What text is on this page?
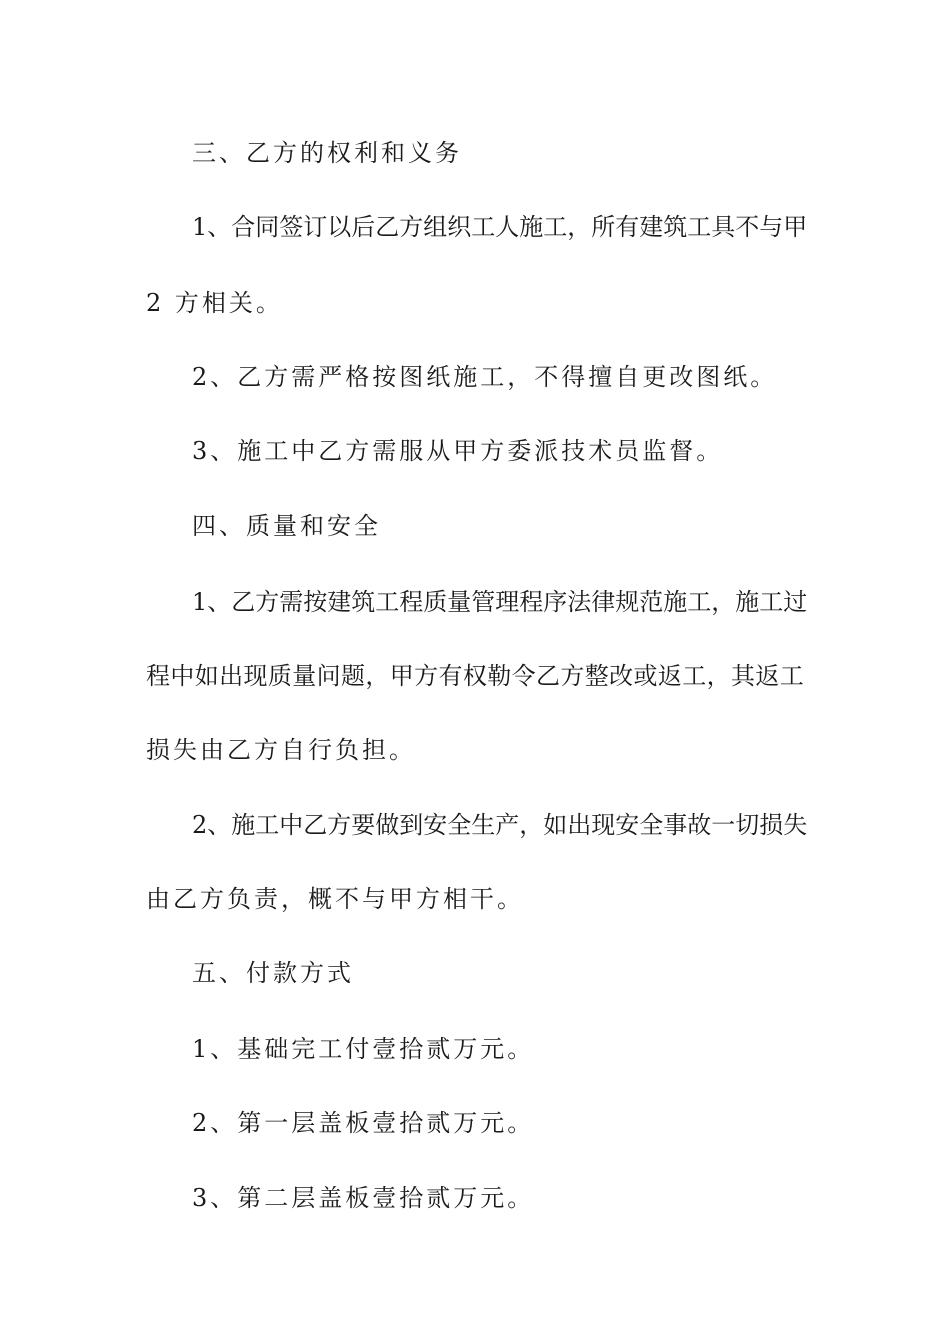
三、乙方的权利和义务
1 、 合 同 签 订 以 后 乙 方 组 织 工 人 施 工 ， 所 有 建 筑 工 具 不 与 甲
2 方相关。
2、乙方需严格按图纸施工，不得擅自更改图纸。
3、施工中乙方需服从甲方委派技术员监督。
四、质量和安全
1 、 乙 方 需 按 建 筑 工 程 质 量 管 理 程 序 法 律 规 范 施 工 ， 施 工 过
程 中 如 出 现 质 量 问 题 ， 甲 方 有 权 勒 令 乙 方 整 改 或 返 工 ， 其 返 工
损失由乙方自行负担。
2 、 施 工 中 乙 方 要 做 到 安 全 生 产 ， 如 出 现 安 全 事 故 一 切 损 失
由乙方负责，概不与甲方相干。
五、付款方式
1、基础完工付壹拾贰万元。
2、第一层盖板壹拾贰万元。
3、第二层盖板壹拾贰万元。
